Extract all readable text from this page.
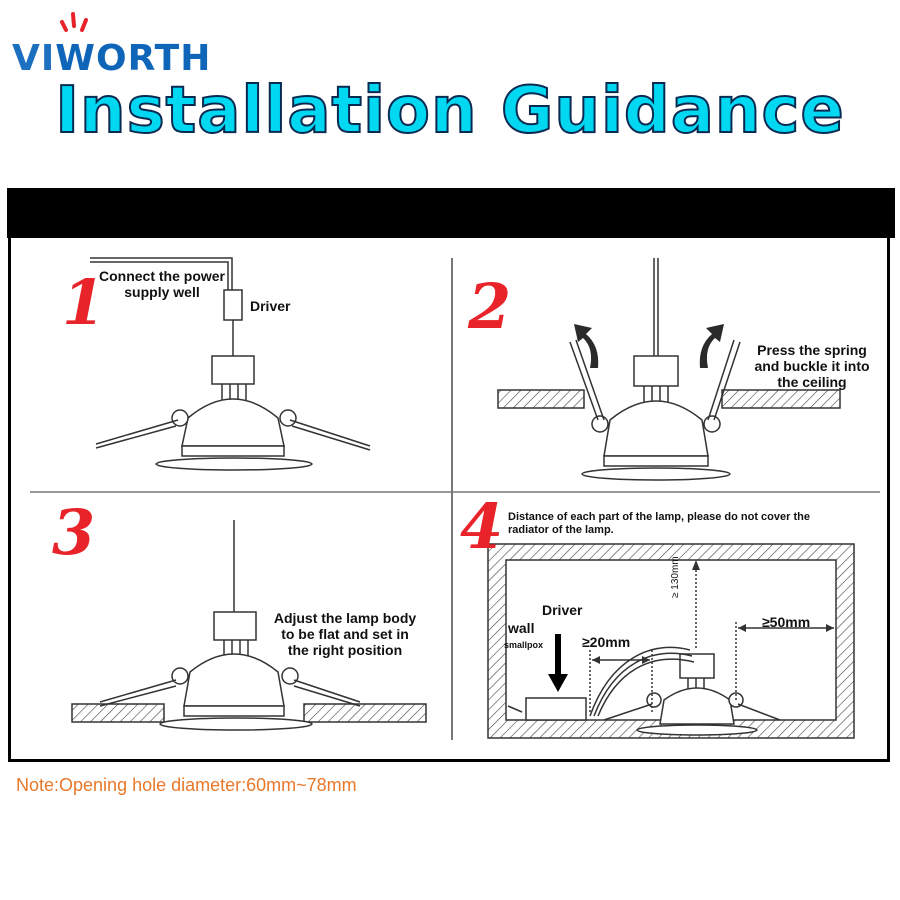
VIWORTH
Installation Guidance
1	2
3	4
Connect the power
supply well
Driver
Press the spring
and buckle it into
the ceiling
Adjust the lamp body
to be flat and set in
the right position
Distance of each part of the lamp, please do not cover the
radiator of the lamp.
Driver
wall
smallpox	≥20mm
≥50mm
≥ 130mm
Note:Opening hole diameter:60mm~78mm
